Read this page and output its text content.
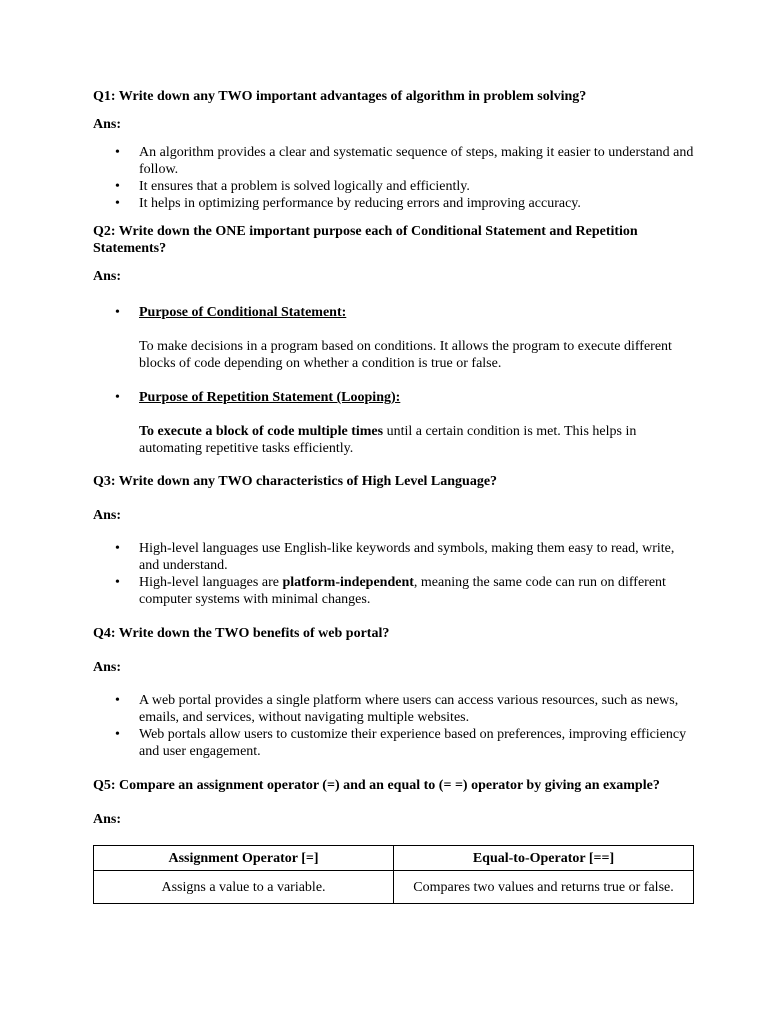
Q1: Write down any TWO important advantages of algorithm in problem solving?

Ans:

• An algorithm provides a clear and systematic sequence of steps, making it easier to understand and follow.
• It ensures that a problem is solved logically and efficiently.
• It helps in optimizing performance by reducing errors and improving accuracy.

Q2: Write down the ONE important purpose each of Conditional Statement and Repetition Statements?

Ans:

• Purpose of Conditional Statement:

To make decisions in a program based on conditions. It allows the program to execute different blocks of code depending on whether a condition is true or false.

• Purpose of Repetition Statement (Looping):

To execute a block of code multiple times until a certain condition is met. This helps in automating repetitive tasks efficiently.

Q3: Write down any TWO characteristics of High Level Language?

Ans:

• High-level languages use English-like keywords and symbols, making them easy to read, write, and understand.
• High-level languages are platform-independent, meaning the same code can run on different computer systems with minimal changes.

Q4: Write down the TWO benefits of web portal?

Ans:

• A web portal provides a single platform where users can access various resources, such as news, emails, and services, without navigating multiple websites.
• Web portals allow users to customize their experience based on preferences, improving efficiency and user engagement.

Q5: Compare an assignment operator (=) and an equal to (= =) operator by giving an example?

Ans:

Assignment Operator [=]	Equal-to-Operator [==]
Assigns a value to a variable.	Compares two values and returns true or false.
